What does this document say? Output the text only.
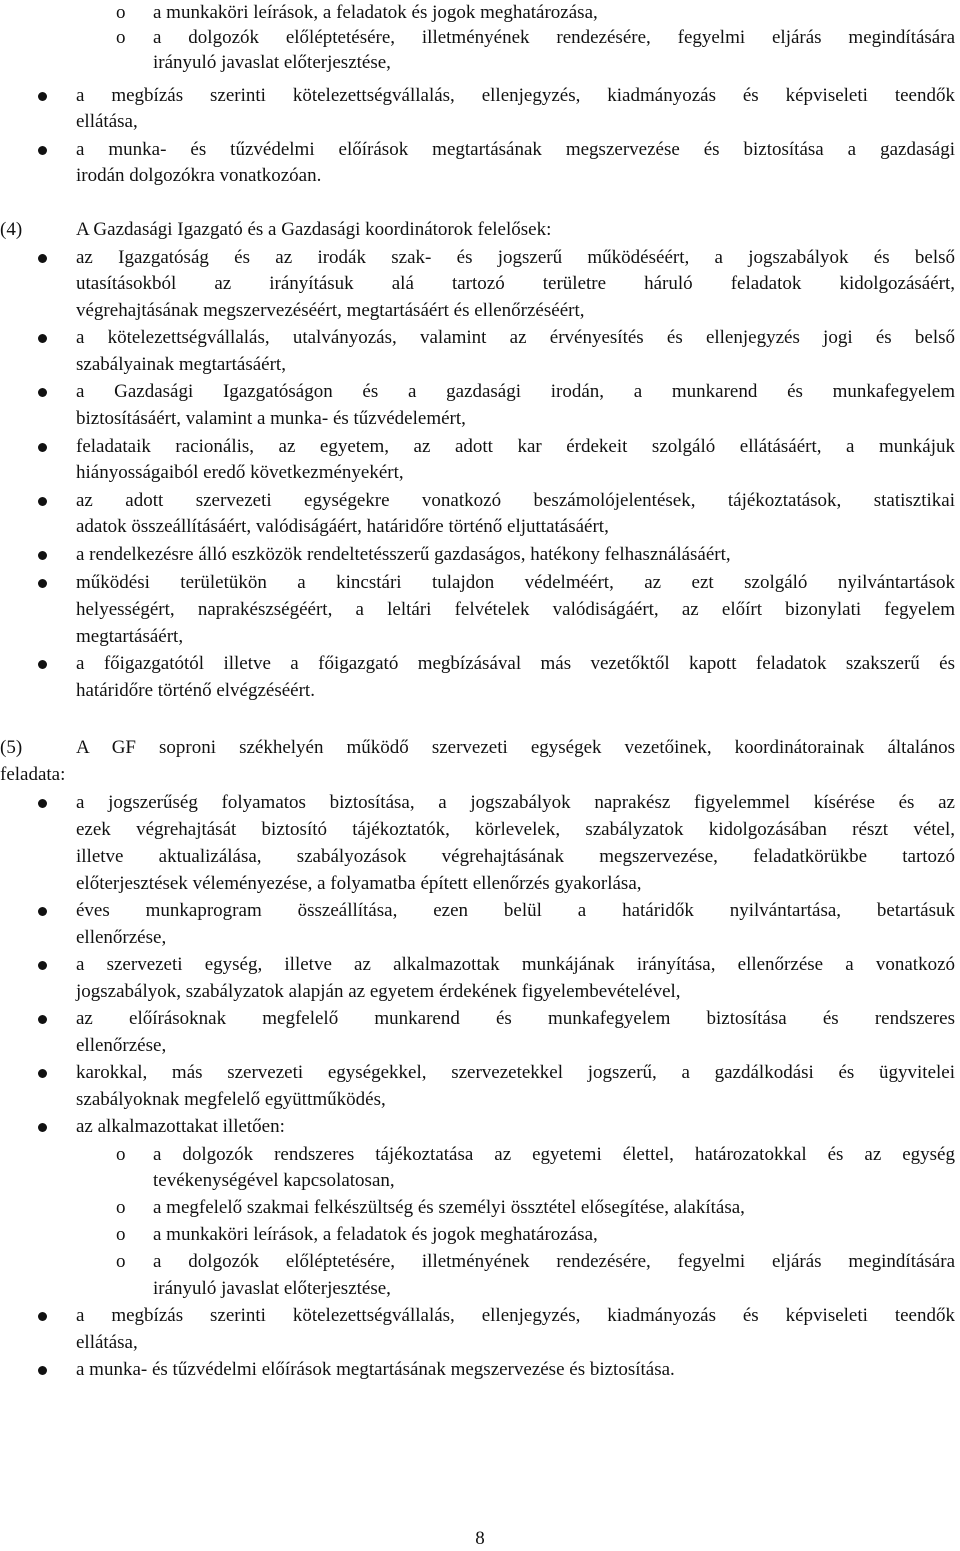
o a munkaköri leírások, a feladatok és jogok meghatározása,
o a dolgozók előléptetésére, illetményének rendezésére, fegyelmi eljárás megindítására
irányuló javaslat előterjesztése,
a megbízás szerinti kötelezettségvállalás, ellenjegyzés, kiadmányozás és képviseleti teendők
ellátása,
a munka- és tűzvédelmi előírások megtartásának megszervezése és biztosítása a gazdasági
irodán dolgozókra vonatkozóan.
(4)	A Gazdasági Igazgató és a Gazdasági koordinátorok felelősek:
az Igazgatóság és az irodák szak- és jogszerű működéséért, a jogszabályok és belső
utasításokból az irányításuk alá tartozó területre háruló feladatok kidolgozásáért,
végrehajtásának megszervezéséért, megtartásáért és ellenőrzéséért,
a kötelezettségvállalás, utalványozás, valamint az érvényesítés és ellenjegyzés jogi és belső
szabályainak megtartásáért,
a Gazdasági Igazgatóságon és a gazdasági irodán, a munkarend és munkafegyelem
biztosításáért, valamint a munka- és tűzvédelemért,
feladataik racionális, az egyetem, az adott kar érdekeit szolgáló ellátásáért, a munkájuk
hiányosságaiból eredő következményekért,
az adott szervezeti egységekre vonatkozó beszámolójelentések, tájékoztatások, statisztikai
adatok összeállításáért, valódiságáért, határidőre történő eljuttatásáért,
a rendelkezésre álló eszközök rendeltetésszerű gazdaságos, hatékony felhasználásáért,
működési területükön a kincstári tulajdon védelméért, az ezt szolgáló nyilvántartások
helyességért, naprakészségéért, a leltári felvételek valódiságáért, az előírt bizonylati fegyelem
megtartásáért,
a főigazgatótól illetve a főigazgató megbízásával más vezetőktől kapott feladatok szakszerű és
határidőre történő elvégzéséért.
(5)	A GF soproni székhelyén működő szervezeti egységek vezetőinek, koordinátorainak általános
feladata:
a jogszerűség folyamatos biztosítása, a jogszabályok naprakész figyelemmel kísérése és az
ezek végrehajtását biztosító tájékoztatók, körlevelek, szabályzatok kidolgozásában részt vétel,
illetve aktualizálása, szabályozások végrehajtásának megszervezése, feladatkörükbe tartozó
előterjesztések véleményezése, a folyamatba épített ellenőrzés gyakorlása,
éves munkaprogram összeállítása, ezen belül a határidők nyilvántartása, betartásuk
ellenőrzése,
a szervezeti egység, illetve az alkalmazottak munkájának irányítása, ellenőrzése a vonatkozó
jogszabályok, szabályzatok alapján az egyetem érdekének figyelembevételével,
az előírásoknak megfelelő munkarend és munkafegyelem biztosítása és rendszeres
ellenőrzése,
karokkal, más szervezeti egységekkel, szervezetekkel jogszerű, a gazdálkodási és ügyvitelei
szabályoknak megfelelő együttműködés,
az alkalmazottakat illetően:
o a dolgozók rendszeres tájékoztatása az egyetemi élettel, határozatokkal és az egység
tevékenységével kapcsolatosan,
o a megfelelő szakmai felkészültség és személyi össztétel elősegítése, alakítása,
o a munkaköri leírások, a feladatok és jogok meghatározása,
o a dolgozók előléptetésére, illetményének rendezésére, fegyelmi eljárás megindítására
irányuló javaslat előterjesztése,
a megbízás szerinti kötelezettségvállalás, ellenjegyzés, kiadmányozás és képviseleti teendők
ellátása,
a munka- és tűzvédelmi előírások megtartásának megszervezése és biztosítása.
8
